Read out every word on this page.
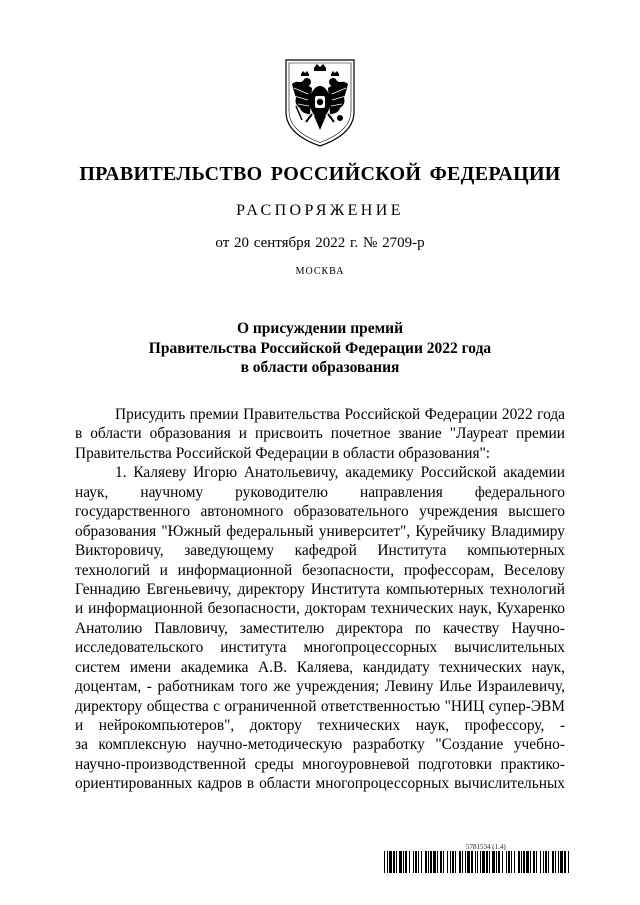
ПРАВИТЕЛЬСТВО РОССИЙСКОЙ ФЕДЕРАЦИИ
РАСПОРЯЖЕНИЕ
от 20 сентября 2022 г. № 2709-р
МОСКВА
О присуждении премий
Правительства Российской Федерации 2022 года
в области образования
Присудить премии Правительства Российской Федерации 2022 года
в области образования и присвоить почетное звание "Лауреат премии
Правительства Российской Федерации в области образования":
1. Каляеву Игорю Анатольевичу, академику Российской академии
наук, научному руководителю направления федерального
государственного автономного образовательного учреждения высшего
образования "Южный федеральный университет", Курейчику Владимиру
Викторовичу, заведующему кафедрой Института компьютерных
технологий и информационной безопасности, профессорам, Веселову
Геннадию Евгеньевичу, директору Института компьютерных технологий
и информационной безопасности, докторам технических наук, Кухаренко
Анатолию Павловичу, заместителю директора по качеству Научно-
исследовательского института многопроцессорных вычислительных
систем имени академика А.В. Каляева, кандидату технических наук,
доцентам, - работникам того же учреждения; Левину Илье Израилевичу,
директору общества с ограниченной ответственностью "НИЦ супер-ЭВМ
и нейрокомпьютеров", доктору технических наук, профессору, -
за комплексную научно-методическую разработку "Создание учебно-
научно-производственной среды многоуровневой подготовки практико-
ориентированных кадров в области многопроцессорных вычислительных
5781534 (1.4)
